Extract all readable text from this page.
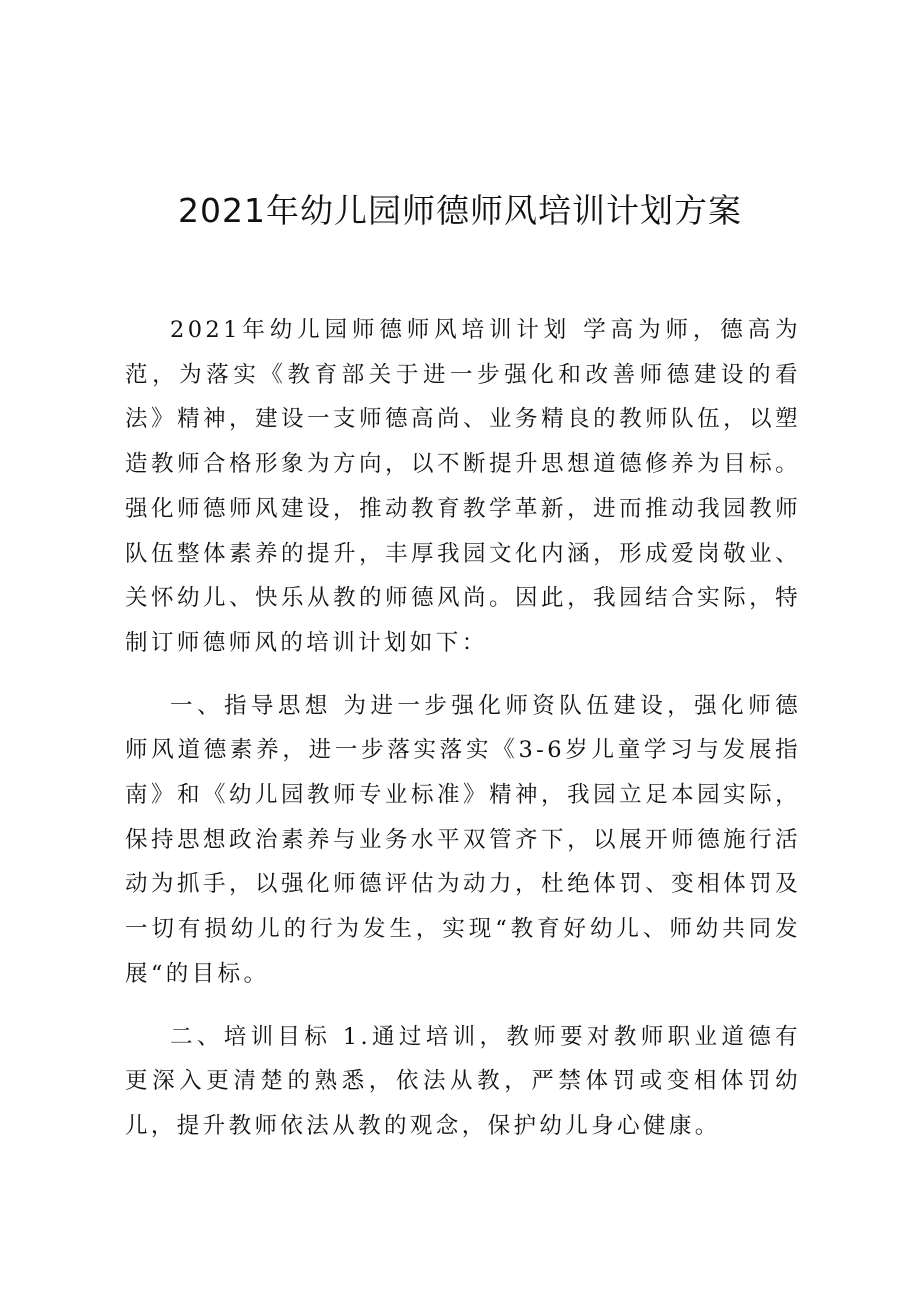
2021年幼儿园师德师风培训计划方案

2021年幼儿园师德师风培训计划 学高为师，德高为范，为落实《教育部关于进一步强化和改善师德建设的看法》精神，建设一支师德高尚、业务精良的教师队伍，以塑造教师合格形象为方向，以不断提升思想道德修养为目标。强化师德师风建设，推动教育教学革新，进而推动我园教师队伍整体素养的提升，丰厚我园文化内涵，形成爱岗敬业、关怀幼儿、快乐从教的师德风尚。因此，我园结合实际，特制订师德师风的培训计划如下：

一、指导思想 为进一步强化师资队伍建设，强化师德师风道德素养，进一步落实落实《3-6岁儿童学习与发展指南》和《幼儿园教师专业标准》精神，我园立足本园实际，保持思想政治素养与业务水平双管齐下，以展开师德施行活动为抓手，以强化师德评估为动力，杜绝体罚、变相体罚及一切有损幼儿的行为发生，实现“教育好幼儿、师幼共同发展“的目标。

二、培训目标 1.通过培训，教师要对教师职业道德有更深入更清楚的熟悉，依法从教，严禁体罚或变相体罚幼儿，提升教师依法从教的观念，保护幼儿身心健康。
